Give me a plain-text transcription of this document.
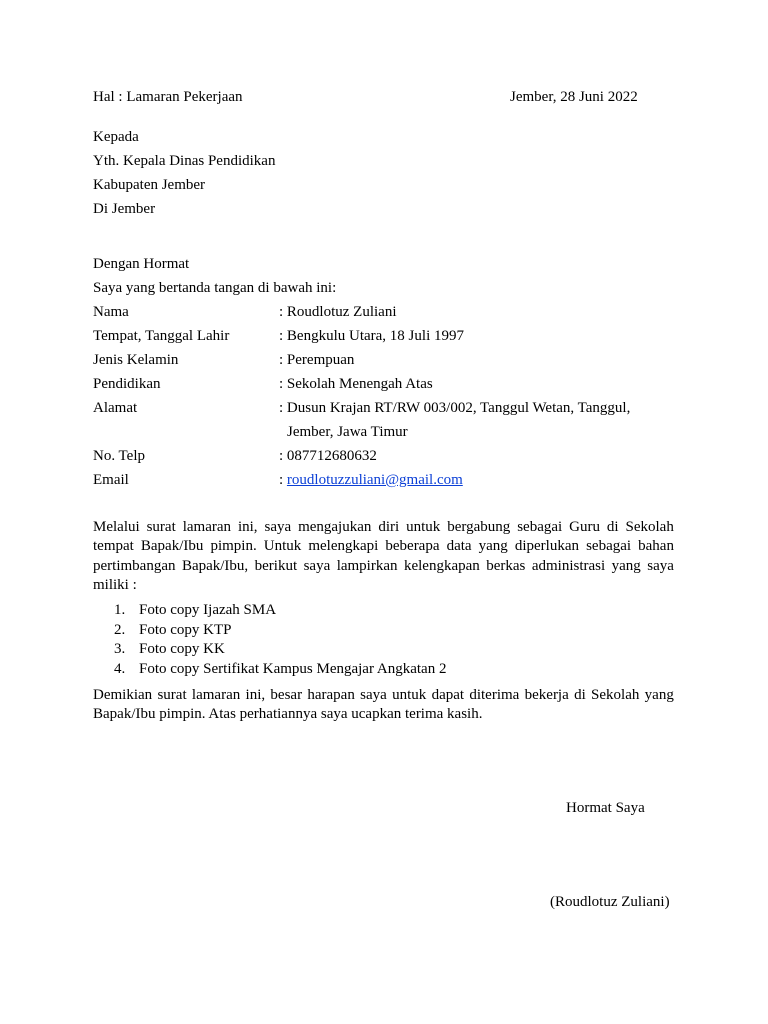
Hal : Lamaran Pekerjaan	Jember, 28 Juni 2022
Kepada
Yth. Kepala Dinas Pendidikan
Kabupaten Jember
Di Jember
Dengan Hormat
Saya yang bertanda tangan di bawah ini:
Nama	: Roudlotuz Zuliani
Tempat, Tanggal Lahir	: Bengkulu Utara, 18 Juli 1997
Jenis Kelamin	: Perempuan
Pendidikan	: Sekolah Menengah Atas
Alamat	: Dusun Krajan RT/RW 003/002, Tanggul Wetan, Tanggul,
Jember, Jawa Timur
No. Telp	: 087712680632
Email	: roudlotuzzuliani@gmail.com
Melalui surat lamaran ini, saya mengajukan diri untuk bergabung sebagai Guru di Sekolah
tempat Bapak/Ibu pimpin. Untuk melengkapi beberapa data yang diperlukan sebagai bahan
pertimbangan Bapak/Ibu, berikut saya lampirkan kelengkapan berkas administrasi yang saya
miliki :
1. Foto copy Ijazah SMA
2. Foto copy KTP
3. Foto copy KK
4. Foto copy Sertifikat Kampus Mengajar Angkatan 2
Demikian surat lamaran ini, besar harapan saya untuk dapat diterima bekerja di Sekolah yang
Bapak/Ibu pimpin. Atas perhatiannya saya ucapkan terima kasih.
Hormat Saya
(Roudlotuz Zuliani)
